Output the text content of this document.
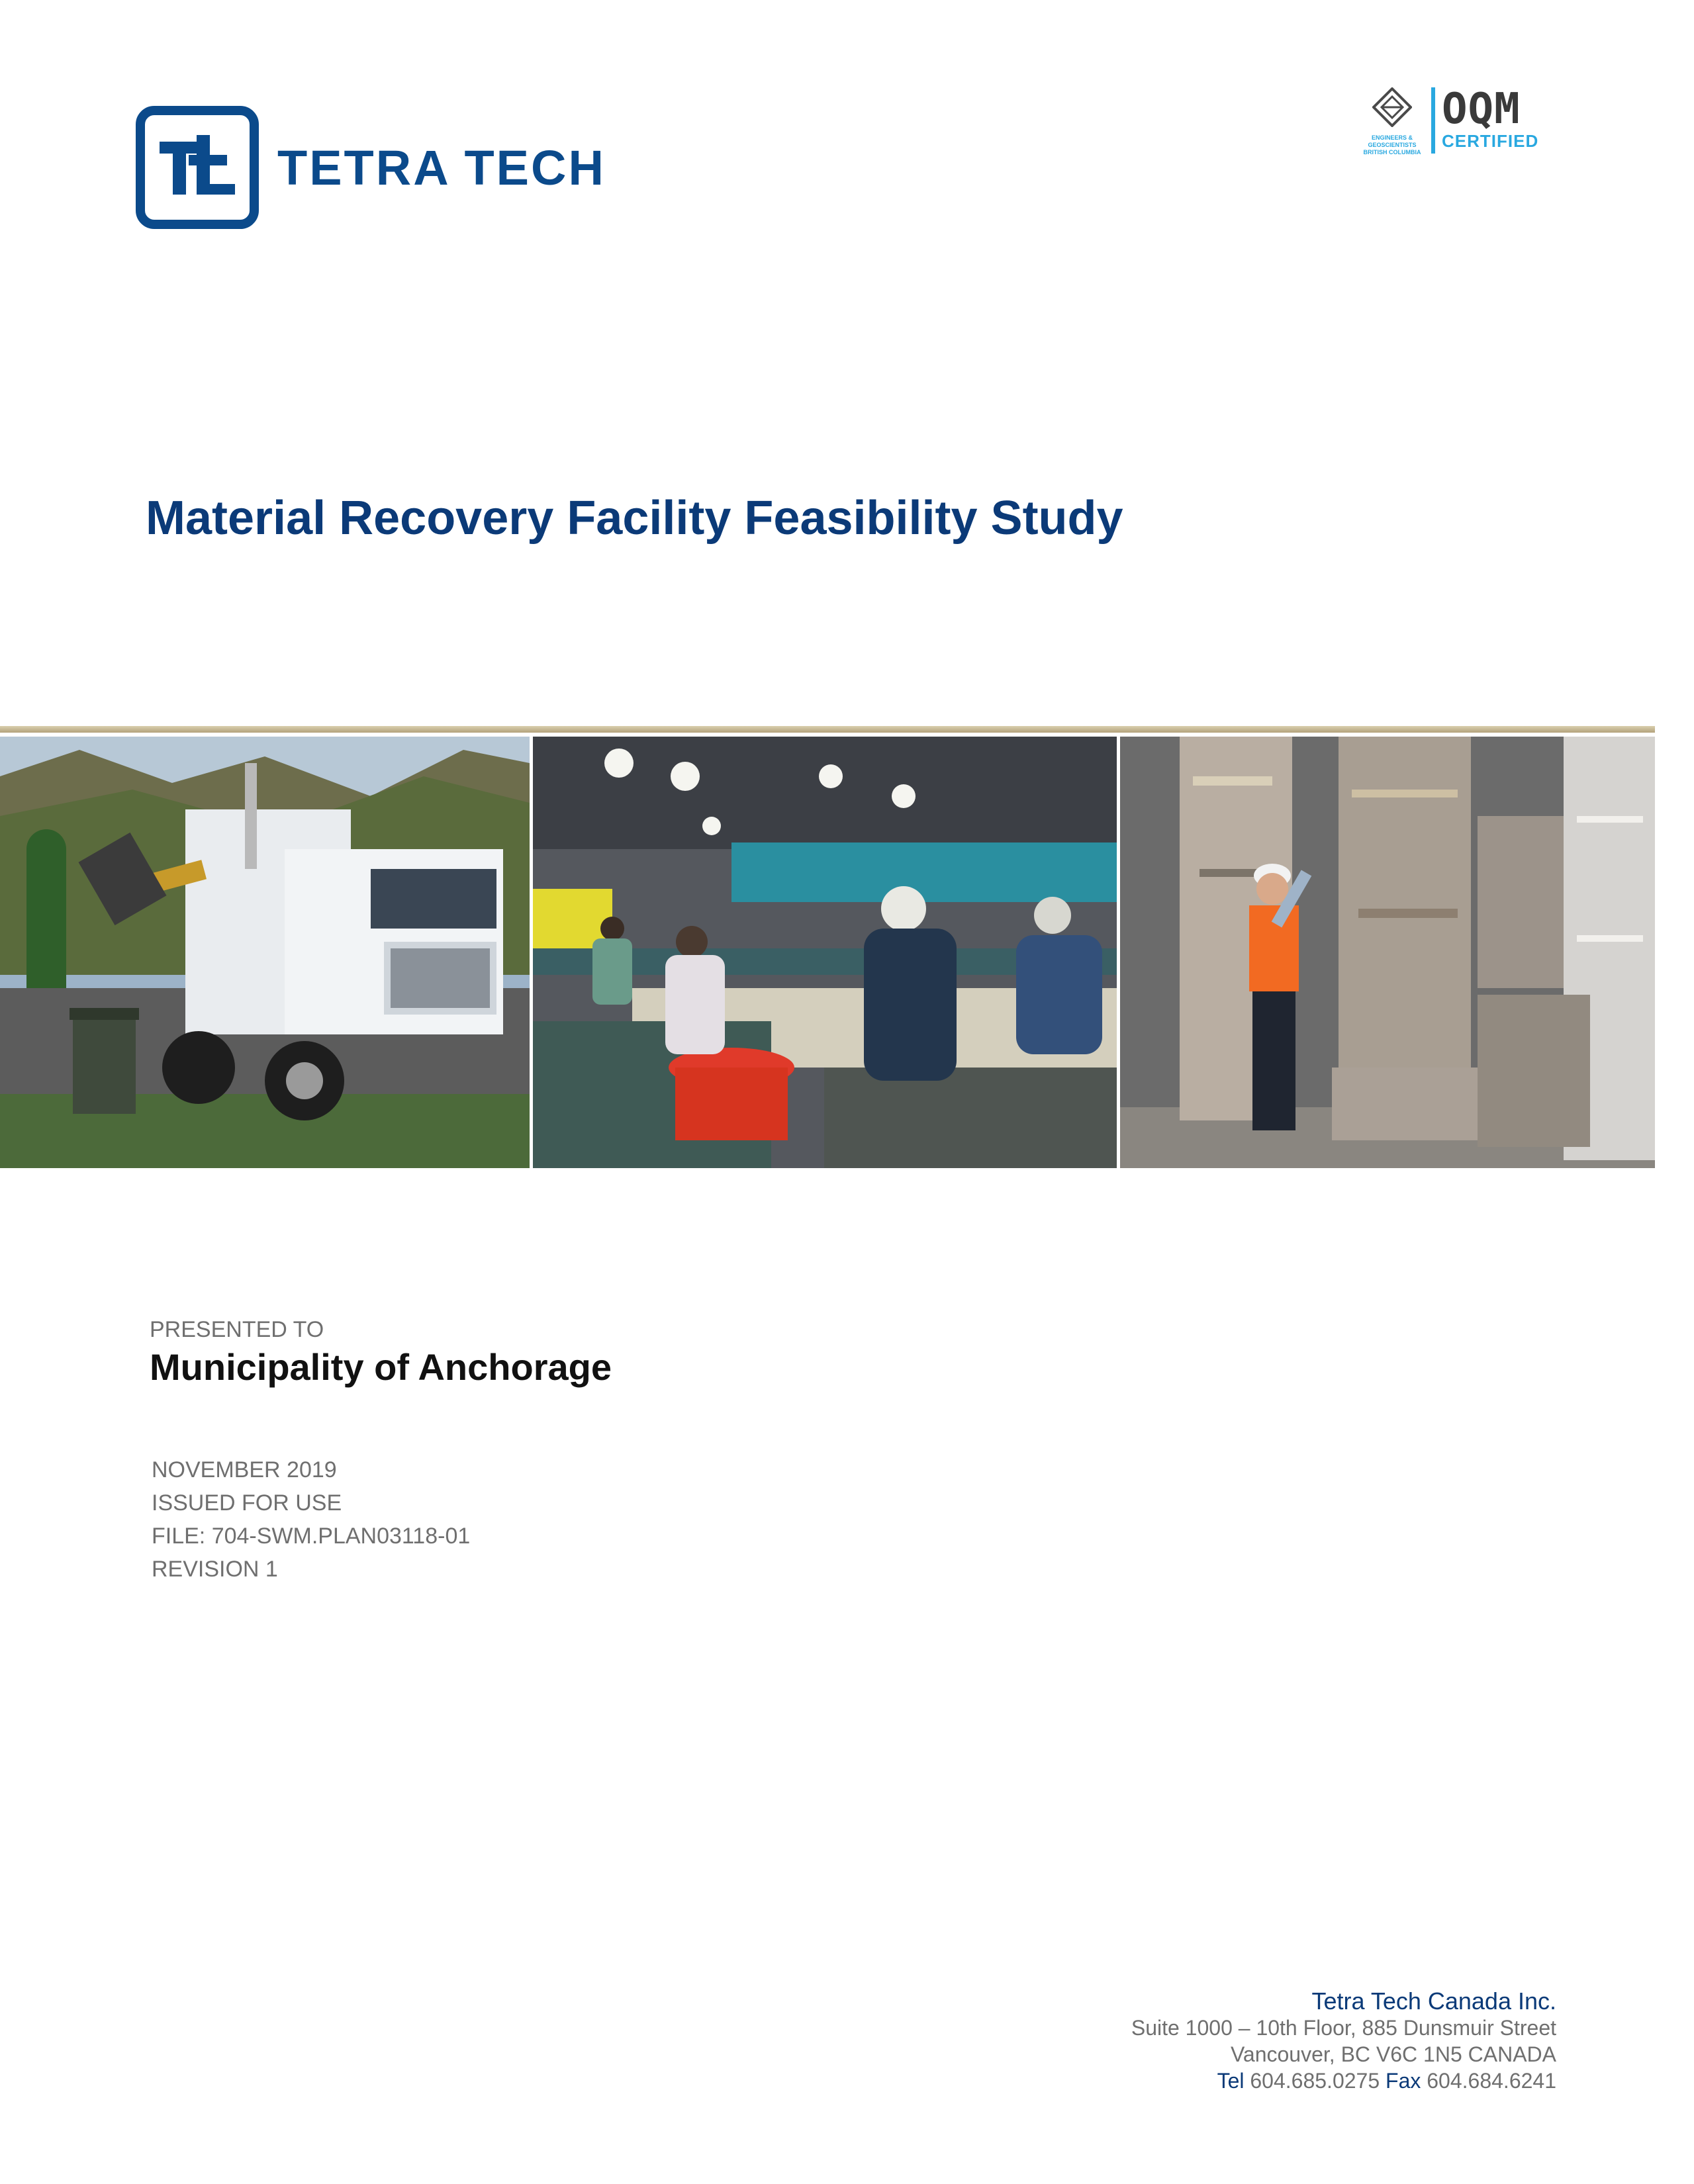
TETRA TECH
ENGINEERS & GEOSCIENTISTS BRITISH COLUMBIA
OQM
CERTIFIED
Material Recovery Facility Feasibility Study
PRESENTED TO
Municipality of Anchorage
NOVEMBER 2019
ISSUED FOR USE
FILE: 704-SWM.PLAN03118-01
REVISION 1
Tetra Tech Canada Inc.
Suite 1000 – 10th Floor, 885 Dunsmuir Street
Vancouver, BC V6C 1N5 CANADA
Tel 604.685.0275 Fax 604.684.6241
